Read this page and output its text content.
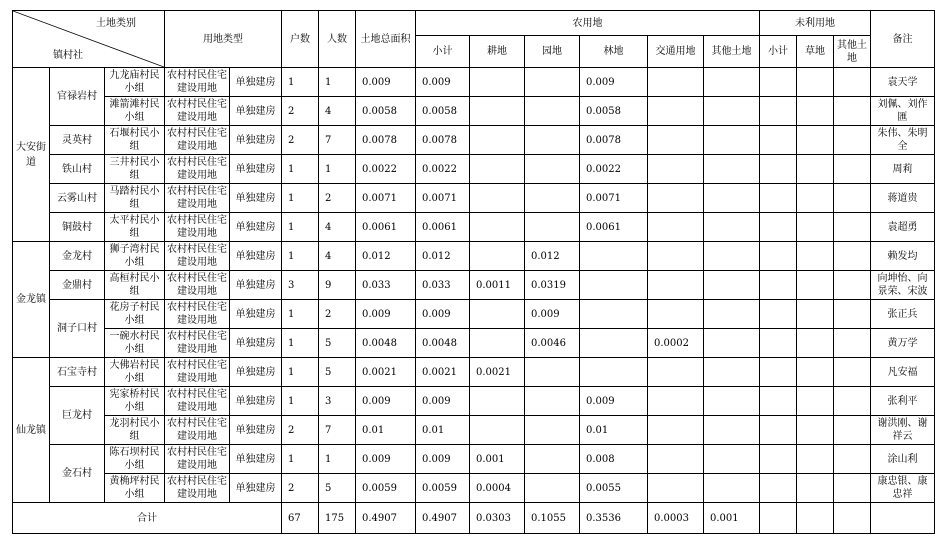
土地类别
镇村社			用地类型		户数	人数	土地总面积	农用地						未利用地			备注
								小计	耕地	园地	林地	交通用地	其他土地	小计	草地	其他土地	
大安街道	官禄岩村	九龙庙村民小组	农村村民住宅建设用地	单独建房	1	1	0.009	0.009			0.009						袁天学
		滩箭滩村民小组	农村村民住宅建设用地	单独建房	2	4	0.0058	0.0058			0.0058						刘佩、刘作匯
	灵英村	石堰村民小组	农村村民住宅建设用地	单独建房	2	7	0.0078	0.0078			0.0078						朱伟、朱明全
	铁山村	三井村民小组	农村村民住宅建设用地	单独建房	1	1	0.0022	0.0022			0.0022						周莉
	云雾山村	马踏村民小组	农村村民住宅建设用地	单独建房	1	2	0.0071	0.0071			0.0071						蒋道贵
	铜鼓村	太平村民小组	农村村民住宅建设用地	单独建房	1	4	0.0061	0.0061			0.0061						袁超勇
金龙镇	金龙村	狮子湾村民小组	农村村民住宅建设用地	单独建房	1	4	0.012	0.012		0.012							赖发均
	金鼎村	高桓村民小组	农村村民住宅建设用地	单独建房	3	9	0.033	0.033	0.0011	0.0319							向坤怡、向景荣、宋波
	洞子口村	花房子村民小组	农村村民住宅建设用地	单独建房	1	2	0.009	0.009		0.009							张正兵
		一碗水村民小组	农村村民住宅建设用地	单独建房	1	5	0.0048	0.0048		0.0046		0.0002					黄万学
仙龙镇	石宝寺村	大佛岩村民小组	农村村民住宅建设用地	单独建房	1	5	0.0021	0.0021	0.0021								凡安福
	巨龙村	宪家桥村民小组	农村村民住宅建设用地	单独建房	1	3	0.009	0.009			0.009						张利平
		龙羽村民小组	农村村民住宅建设用地	单独建房	2	7	0.01	0.01			0.01						谢洪刚、谢祥云
	金石村	陈石坝村民小组	农村村民住宅建设用地	单独建房	1	1	0.009	0.009	0.001		0.008						涂山利
		黄桷坪村民小组	农村村民住宅建设用地	单独建房	2	5	0.0059	0.0059	0.0004		0.0055						康忠银、康忠祥
合计					67	175	0.4907	0.4907	0.0303	0.1055	0.3536	0.0003	0.001				
